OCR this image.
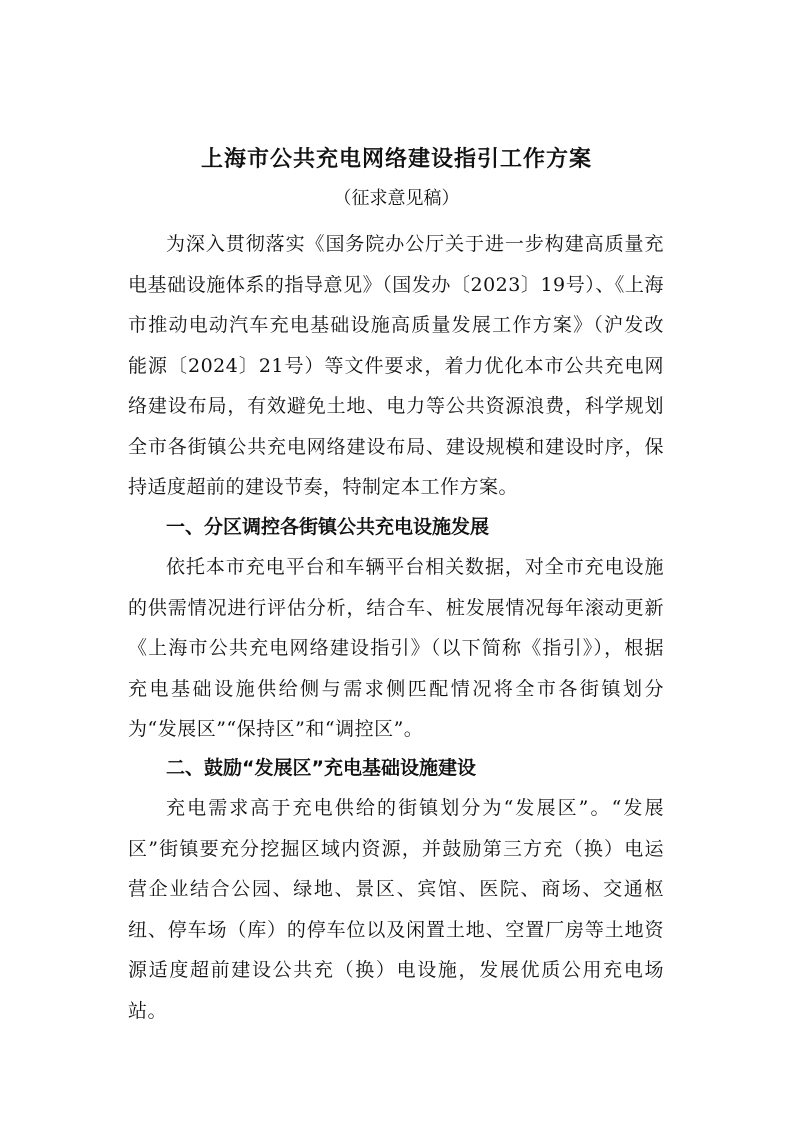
上海市公共充电网络建设指引工作方案
（征求意见稿）
为深入贯彻落实《国务院办公厅关于进一步构建高质量充电基础设施体系的指导意见》（国发办〔2023〕19号）、《上海市推动电动汽车充电基础设施高质量发展工作方案》（沪发改能源〔2024〕21号）等文件要求，着力优化本市公共充电网络建设布局，有效避免土地、电力等公共资源浪费，科学规划全市各街镇公共充电网络建设布局、建设规模和建设时序，保持适度超前的建设节奏，特制定本工作方案。
一、分区调控各街镇公共充电设施发展
依托本市充电平台和车辆平台相关数据，对全市充电设施的供需情况进行评估分析，结合车、桩发展情况每年滚动更新《上海市公共充电网络建设指引》（以下简称《指引》），根据充电基础设施供给侧与需求侧匹配情况将全市各街镇划分为“发展区”“保持区”和“调控区”。
二、鼓励“发展区”充电基础设施建设
充电需求高于充电供给的街镇划分为“发展区”。“发展区”街镇要充分挖掘区域内资源，并鼓励第三方充（换）电运营企业结合公园、绿地、景区、宾馆、医院、商场、交通枢纽、停车场（库）的停车位以及闲置土地、空置厂房等土地资源适度超前建设公共充（换）电设施，发展优质公用充电场站。
